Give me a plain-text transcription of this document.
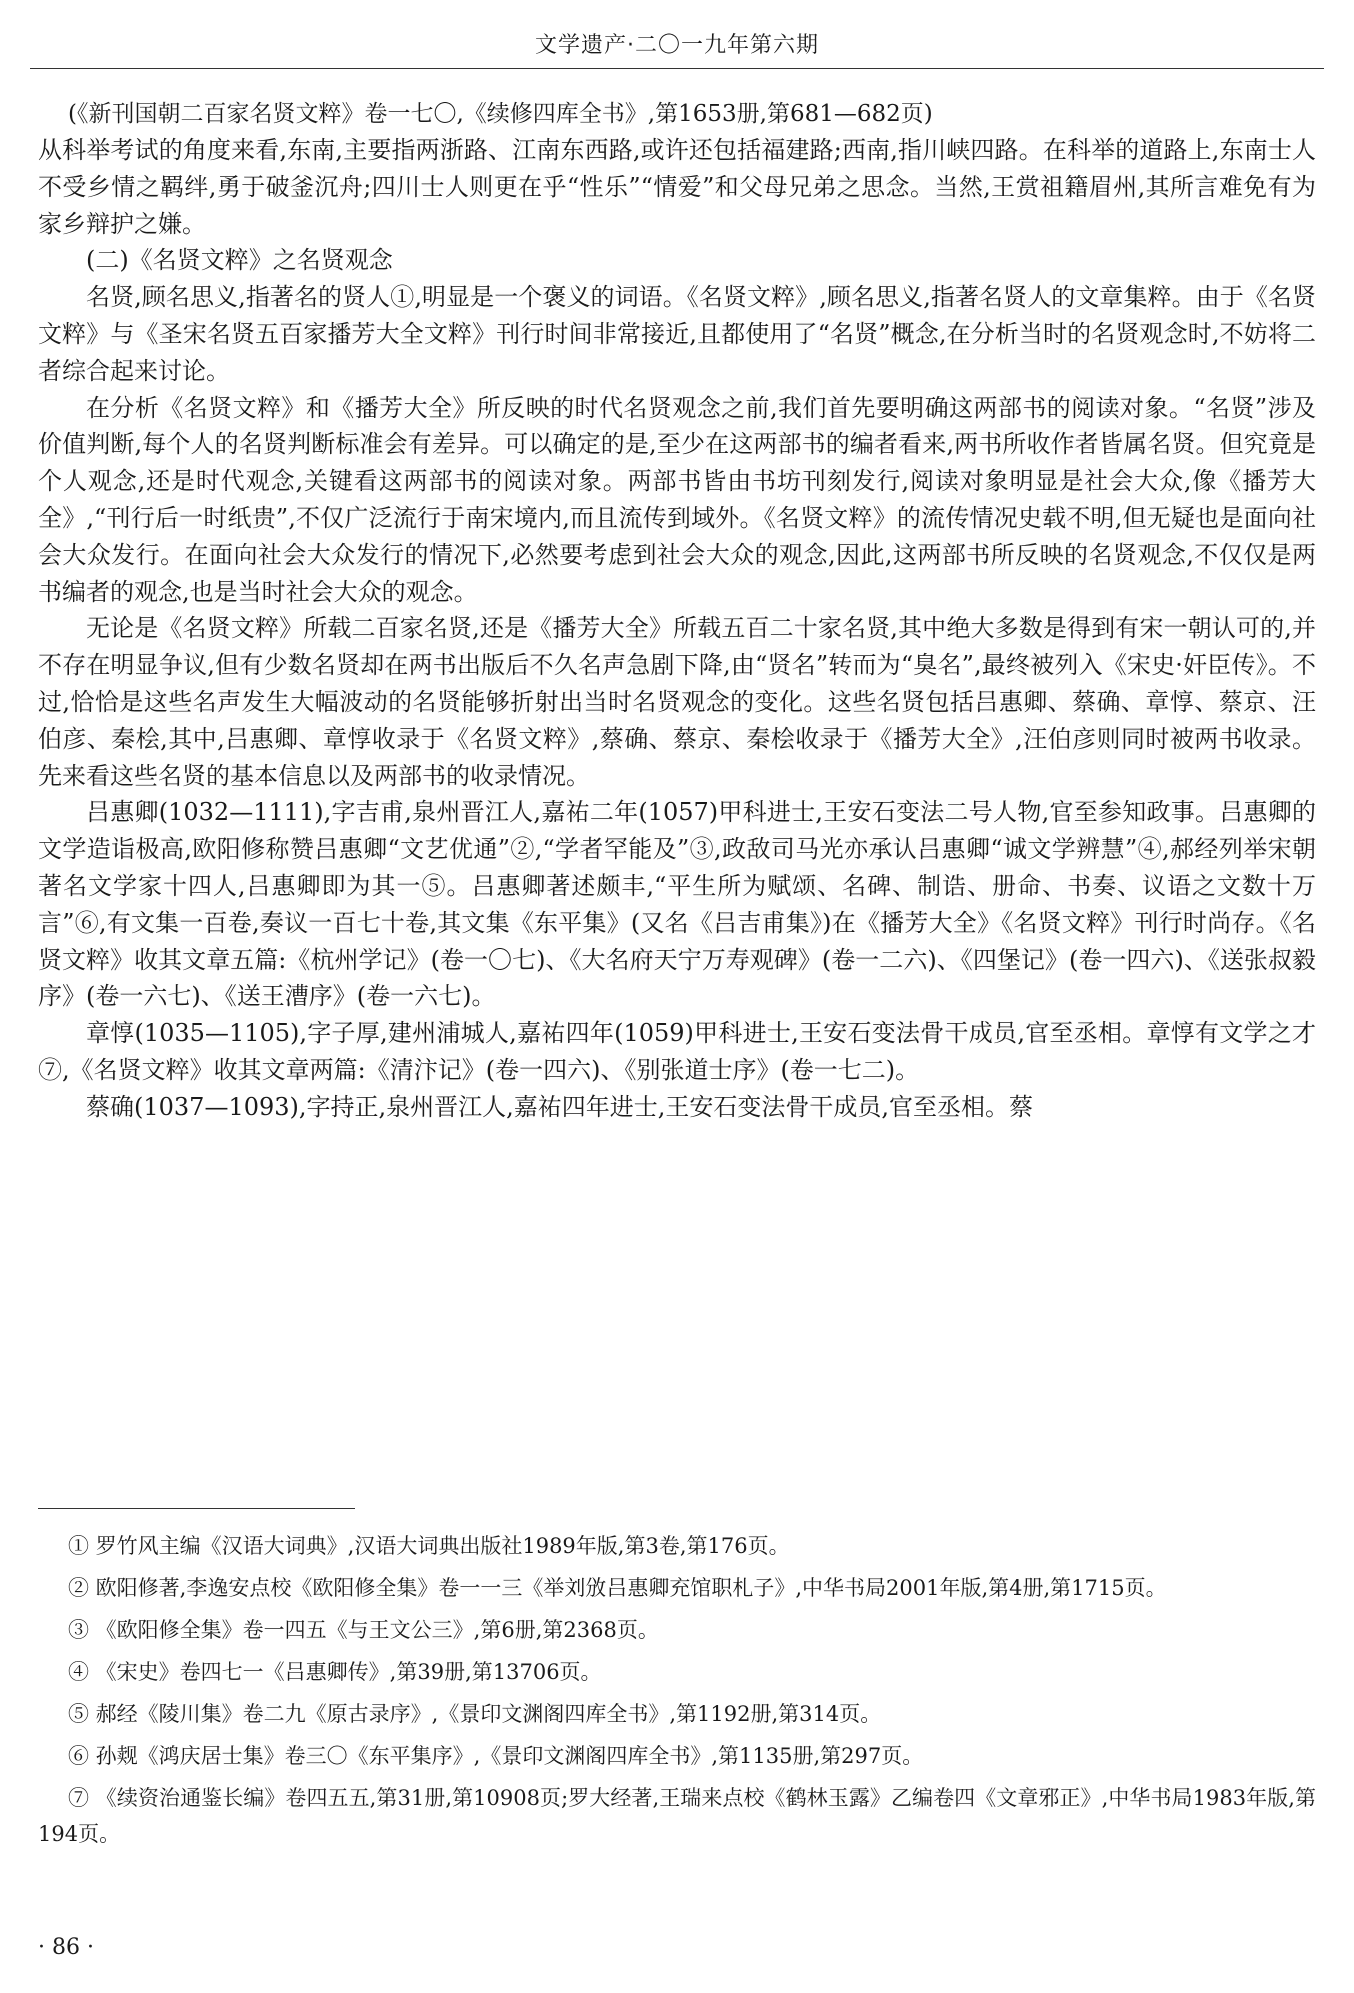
文学遗产·二〇一九年第六期

(《新刊国朝二百家名贤文粹》卷一七〇,《续修四库全书》,第1653册,第681—682页)

从科举考试的角度来看,东南,主要指两浙路、江南东西路,或许还包括福建路;西南,指川峡四路。在科举的道路上,东南士人不受乡情之羁绊,勇于破釜沉舟;四川士人则更在乎“性乐”“情爱”和父母兄弟之思念。当然,王赏祖籍眉州,其所言难免有为家乡辩护之嫌。

(二)《名贤文粹》之名贤观念

名贤,顾名思义,指著名的贤人①,明显是一个褒义的词语。《名贤文粹》,顾名思义,指著名贤人的文章集粹。由于《名贤文粹》与《圣宋名贤五百家播芳大全文粹》刊行时间非常接近,且都使用了“名贤”概念,在分析当时的名贤观念时,不妨将二者综合起来讨论。

在分析《名贤文粹》和《播芳大全》所反映的时代名贤观念之前,我们首先要明确这两部书的阅读对象。“名贤”涉及价值判断,每个人的名贤判断标准会有差异。可以确定的是,至少在这两部书的编者看来,两书所收作者皆属名贤。但究竟是个人观念,还是时代观念,关键看这两部书的阅读对象。两部书皆由书坊刊刻发行,阅读对象明显是社会大众,像《播芳大全》,“刊行后一时纸贵”,不仅广泛流行于南宋境内,而且流传到域外。《名贤文粹》的流传情况史载不明,但无疑也是面向社会大众发行。在面向社会大众发行的情况下,必然要考虑到社会大众的观念,因此,这两部书所反映的名贤观念,不仅仅是两书编者的观念,也是当时社会大众的观念。

无论是《名贤文粹》所载二百家名贤,还是《播芳大全》所载五百二十家名贤,其中绝大多数是得到有宋一朝认可的,并不存在明显争议,但有少数名贤却在两书出版后不久名声急剧下降,由“贤名”转而为“臭名”,最终被列入《宋史·奸臣传》。不过,恰恰是这些名声发生大幅波动的名贤能够折射出当时名贤观念的变化。这些名贤包括吕惠卿、蔡确、章惇、蔡京、汪伯彦、秦桧,其中,吕惠卿、章惇收录于《名贤文粹》,蔡确、蔡京、秦桧收录于《播芳大全》,汪伯彦则同时被两书收录。先来看这些名贤的基本信息以及两部书的收录情况。

吕惠卿(1032—1111),字吉甫,泉州晋江人,嘉祐二年(1057)甲科进士,王安石变法二号人物,官至参知政事。吕惠卿的文学造诣极高,欧阳修称赞吕惠卿“文艺优通”②,“学者罕能及”③,政敌司马光亦承认吕惠卿“诚文学辨慧”④,郝经列举宋朝著名文学家十四人,吕惠卿即为其一⑤。吕惠卿著述颇丰,“平生所为赋颂、名碑、制诰、册命、书奏、议语之文数十万言”⑥,有文集一百卷,奏议一百七十卷,其文集《东平集》(又名《吕吉甫集》)在《播芳大全》《名贤文粹》刊行时尚存。《名贤文粹》收其文章五篇:《杭州学记》(卷一〇七)、《大名府天宁万寿观碑》(卷一二六)、《四堡记》(卷一四六)、《送张叔毅序》(卷一六七)、《送王漕序》(卷一六七)。

章惇(1035—1105),字子厚,建州浦城人,嘉祐四年(1059)甲科进士,王安石变法骨干成员,官至丞相。章惇有文学之才⑦,《名贤文粹》收其文章两篇:《清汴记》(卷一四六)、《别张道士序》(卷一七二)。

蔡确(1037—1093),字持正,泉州晋江人,嘉祐四年进士,王安石变法骨干成员,官至丞相。蔡

① 罗竹风主编《汉语大词典》,汉语大词典出版社1989年版,第3卷,第176页。

② 欧阳修著,李逸安点校《欧阳修全集》卷一一三《举刘攽吕惠卿充馆职札子》,中华书局2001年版,第4册,第1715页。

③ 《欧阳修全集》卷一四五《与王文公三》,第6册,第2368页。

④ 《宋史》卷四七一《吕惠卿传》,第39册,第13706页。

⑤ 郝经《陵川集》卷二九《原古录序》,《景印文渊阁四库全书》,第1192册,第314页。

⑥ 孙觌《鸿庆居士集》卷三〇《东平集序》,《景印文渊阁四库全书》,第1135册,第297页。

⑦ 《续资治通鉴长编》卷四五五,第31册,第10908页;罗大经著,王瑞来点校《鹤林玉露》乙编卷四《文章邪正》,中华书局1983年版,第194页。

· 86 ·
